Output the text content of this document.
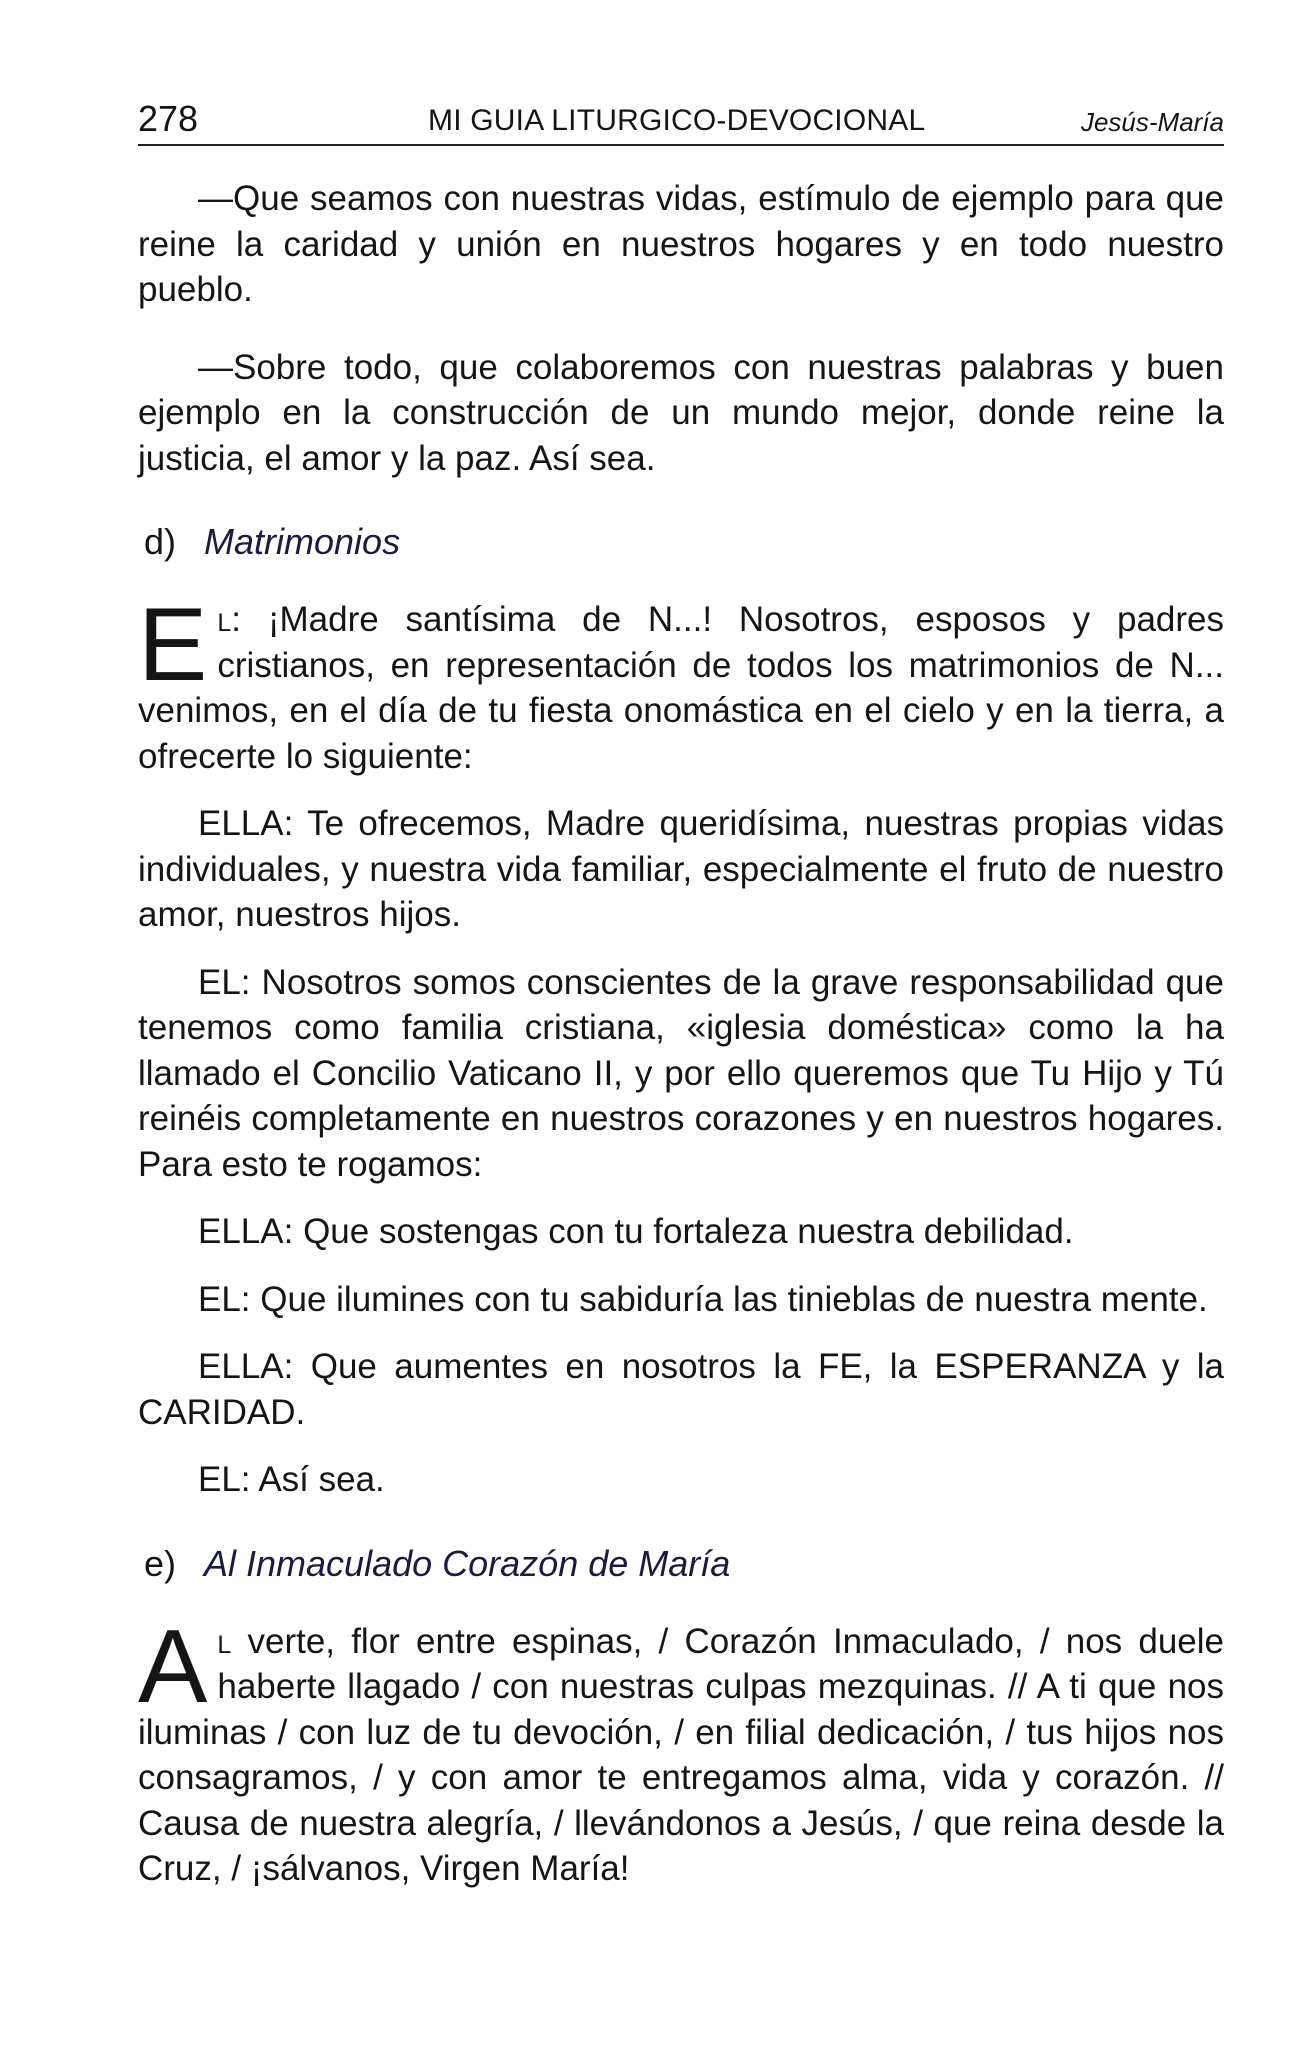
278	MI GUIA LITURGICO-DEVOCIONAL	Jesús-María

—Que seamos con nuestras vidas, estímulo de ejemplo para que reine la caridad y unión en nuestros hogares y en todo nuestro pueblo.

—Sobre todo, que colaboremos con nuestras palabras y buen ejemplo en la construcción de un mundo mejor, donde reine la justicia, el amor y la paz. Así sea.

d) Matrimonios

El: ¡Madre santísima de N...! Nosotros, esposos y padres cristianos, en representación de todos los matrimonios de N... venimos, en el día de tu fiesta onomástica en el cielo y en la tierra, a ofrecerte lo siguiente:

ELLA: Te ofrecemos, Madre queridísima, nuestras propias vidas individuales, y nuestra vida familiar, especialmente el fruto de nuestro amor, nuestros hijos.

EL: Nosotros somos conscientes de la grave responsabilidad que tenemos como familia cristiana, «iglesia doméstica» como la ha llamado el Concilio Vaticano II, y por ello queremos que Tu Hijo y Tú reinéis completamente en nuestros corazones y en nuestros hogares. Para esto te rogamos:

ELLA: Que sostengas con tu fortaleza nuestra debilidad.

EL: Que ilumines con tu sabiduría las tinieblas de nuestra mente.

ELLA: Que aumentes en nosotros la FE, la ESPERANZA y la CARIDAD.

EL: Así sea.

e) Al Inmaculado Corazón de María

Al verte, flor entre espinas, / Corazón Inmaculado, / nos duele haberte llagado / con nuestras culpas mezquinas. // A ti que nos iluminas / con luz de tu devoción, / en filial dedicación, / tus hijos nos consagramos, / y con amor te entregamos alma, vida y corazón. // Causa de nuestra alegría, / llevándonos a Jesús, / que reina desde la Cruz, / ¡sálvanos, Virgen María!
